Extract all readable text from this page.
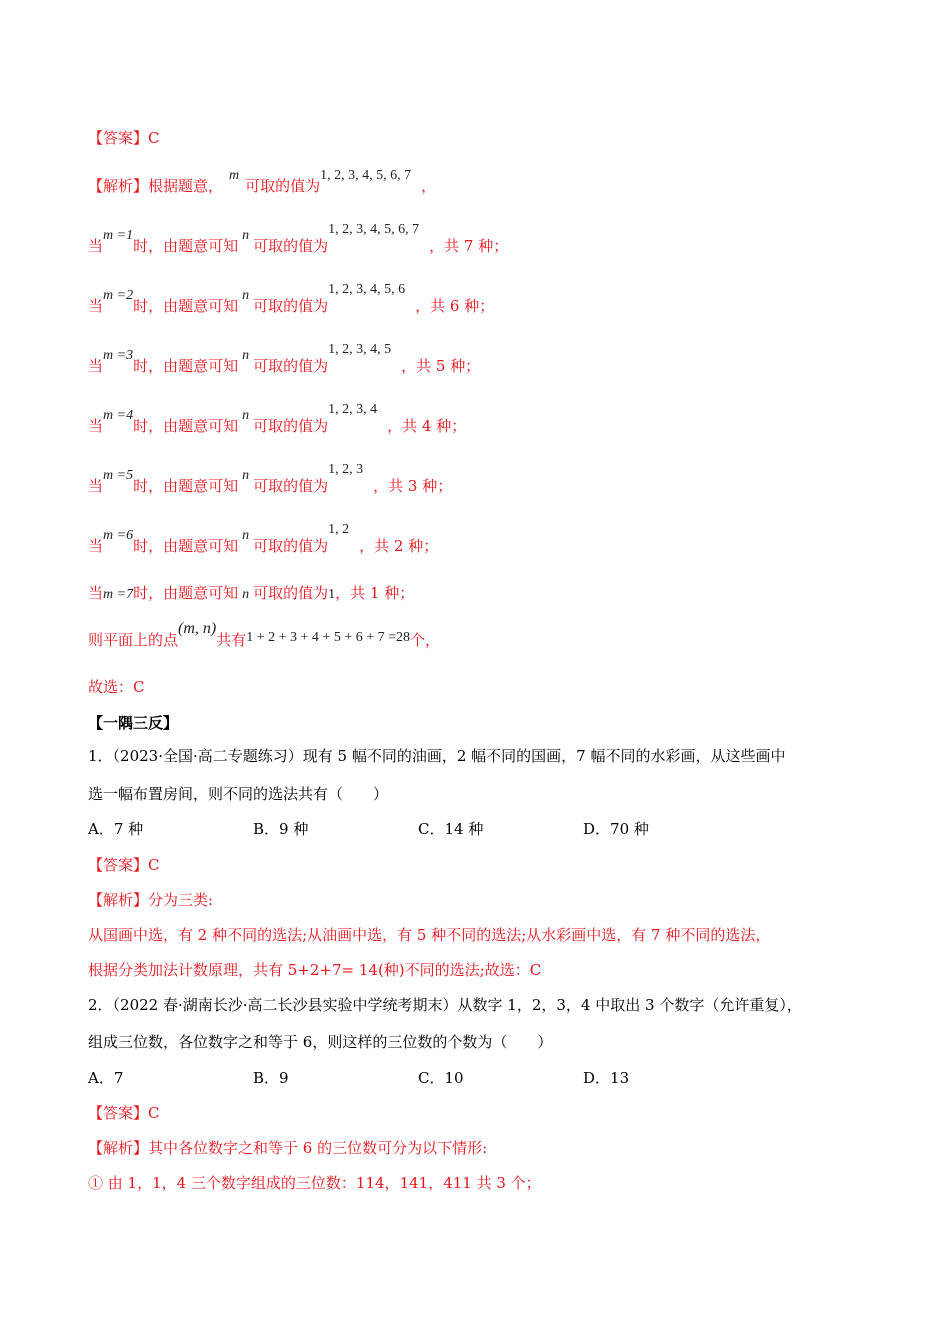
【答案】C
【解析】根据题意，m可取的值为1, 2, 3, 4, 5, 6, 7，
当m =1时，由题意可知n可取的值为1, 2, 3, 4, 5, 6, 7，共 7 种；
当m =2时，由题意可知n可取的值为1, 2, 3, 4, 5, 6，共 6 种；
当m =3时，由题意可知n可取的值为1, 2, 3, 4, 5，共 5 种；
当m =4时，由题意可知n可取的值为1, 2, 3, 4，共 4 种；
当m =5时，由题意可知n可取的值为1, 2, 3，共 3 种；
当m =6时，由题意可知n可取的值为1, 2，共 2 种；
当m =7时，由题意可知 n 可取的值为1，共 1 种；
则平面上的点(m, n)共有1 + 2 + 3 + 4 + 5 + 6 + 7 =28个，
故选：C
【一隅三反】
1．（2023·全国·高二专题练习）现有 5 幅不同的油画，2 幅不同的国画，7 幅不同的水彩画，从这些画中
选一幅布置房间，则不同的选法共有（　　）
A．7 种	B．9 种	C．14 种	D．70 种
【答案】C
【解析】分为三类:
从国画中选，有 2 种不同的选法;从油画中选，有 5 种不同的选法;从水彩画中选，有 7 种不同的选法，
根据分类加法计数原理，共有 5+2+7= 14(种)不同的选法;故选：C
2．（2022 春·湖南长沙·高二长沙县实验中学统考期末）从数字 1，2，3，4 中取出 3 个数字（允许重复），
组成三位数，各位数字之和等于 6，则这样的三位数的个数为（　　）
A．7	B．9	C．10	D．13
【答案】C
【解析】其中各位数字之和等于 6 的三位数可分为以下情形:
① 由 1，1，4 三个数字组成的三位数：114，141，411 共 3 个；
